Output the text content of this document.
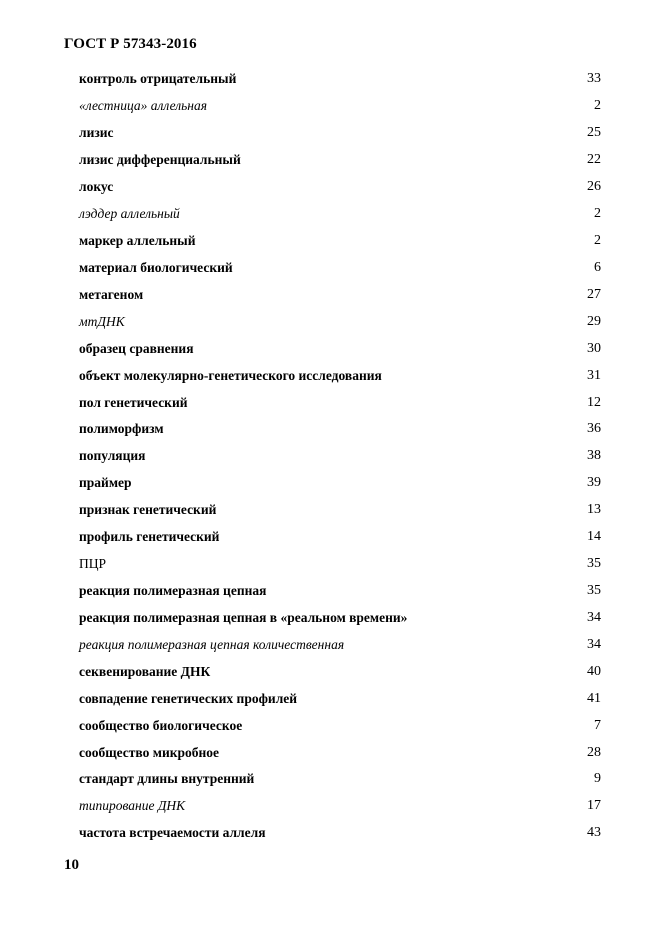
ГОСТ Р 57343-2016
контроль отрицательный	33
«лестница» аллельная	2
лизис	25
лизис дифференциальный	22
локус	26
лэддер аллельный	2
маркер аллельный	2
материал биологический	6
метагеном	27
мтДНК	29
образец сравнения	30
объект молекулярно-генетического исследования	31
пол генетический	12
полиморфизм	36
популяция	38
праймер	39
признак генетический	13
профиль генетический	14
ПЦР	35
реакция полимеразная цепная	35
реакция полимеразная цепная в «реальном времени»	34
реакция полимеразная цепная количественная	34
секвенирование ДНК	40
совпадение генетических профилей	41
сообщество биологическое	7
сообщество микробное	28
стандарт длины внутренний	9
типирование ДНК	17
частота встречаемости аллеля	43
10
